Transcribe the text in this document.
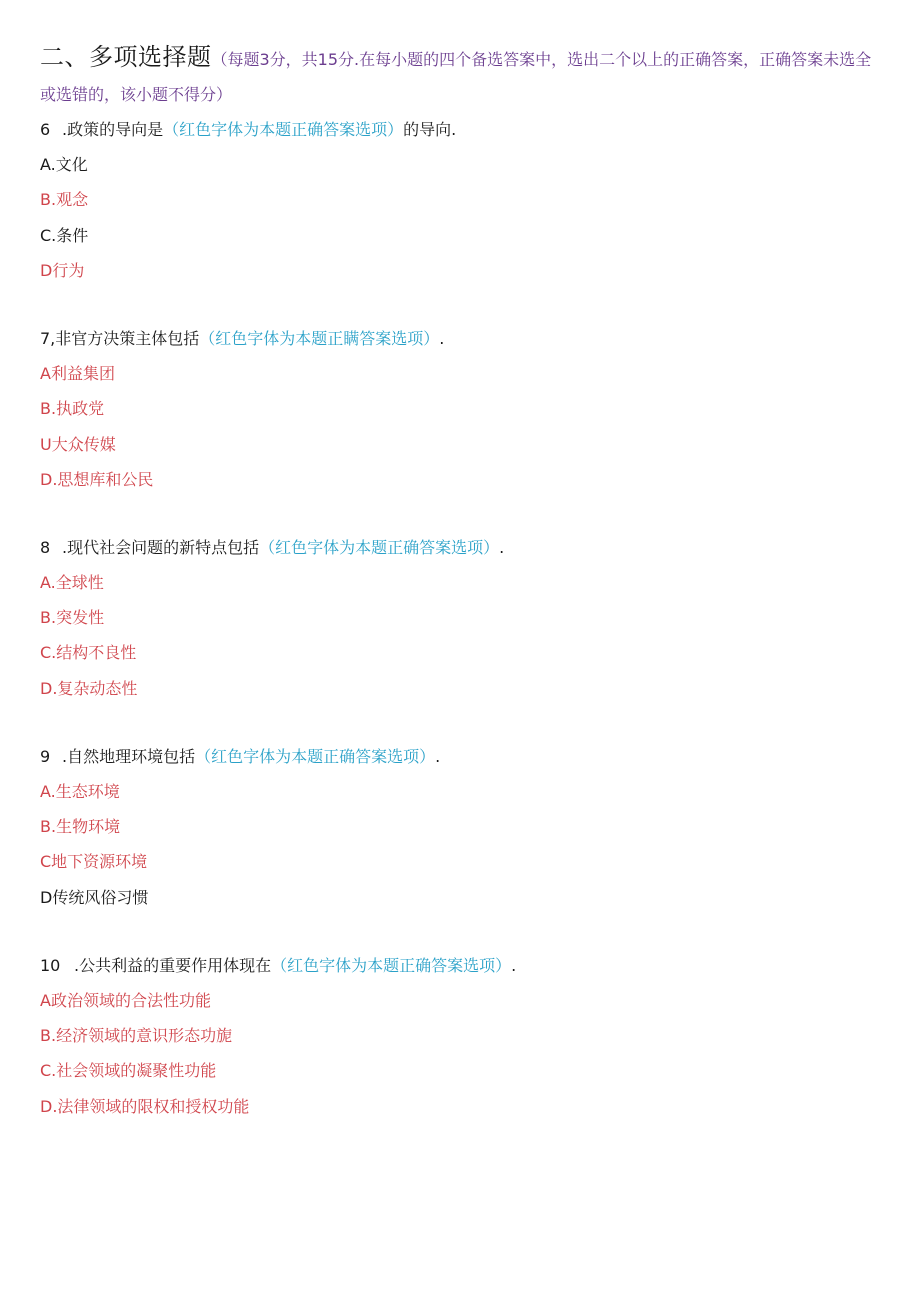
二、多项选择题（每题3分，共15分.在每小题的四个备选答案中，选出二个以上的正确答案，正确答案未选全或选错的，该小题不得分）
6 .政策的导向是（红色字体为本题正确答案选项）的导向.
A.文化
B.观念
C.条件
D行为
7,非官方决策主体包括（红色字体为本题正瞒答案选项）.
A利益集团
B.执政党
U大众传媒
D.思想库和公民
8 .现代社会问题的新特点包括（红色字体为本题正确答案选项）.
A.全球性
B.突发性
C.结构不良性
D.复杂动态性
9 .自然地理环境包括（红色字体为本题正确答案选项）.
A.生态环境
B.生物环境
C地下资源环境
D传统风俗习惯
10 .公共利益的重要作用体现在（红色字体为本题正确答案选项）.
A政治领域的合法性功能
B.经济领域的意识形态功旎
C.社会领域的凝聚性功能
D.法律领域的限权和授权功能
